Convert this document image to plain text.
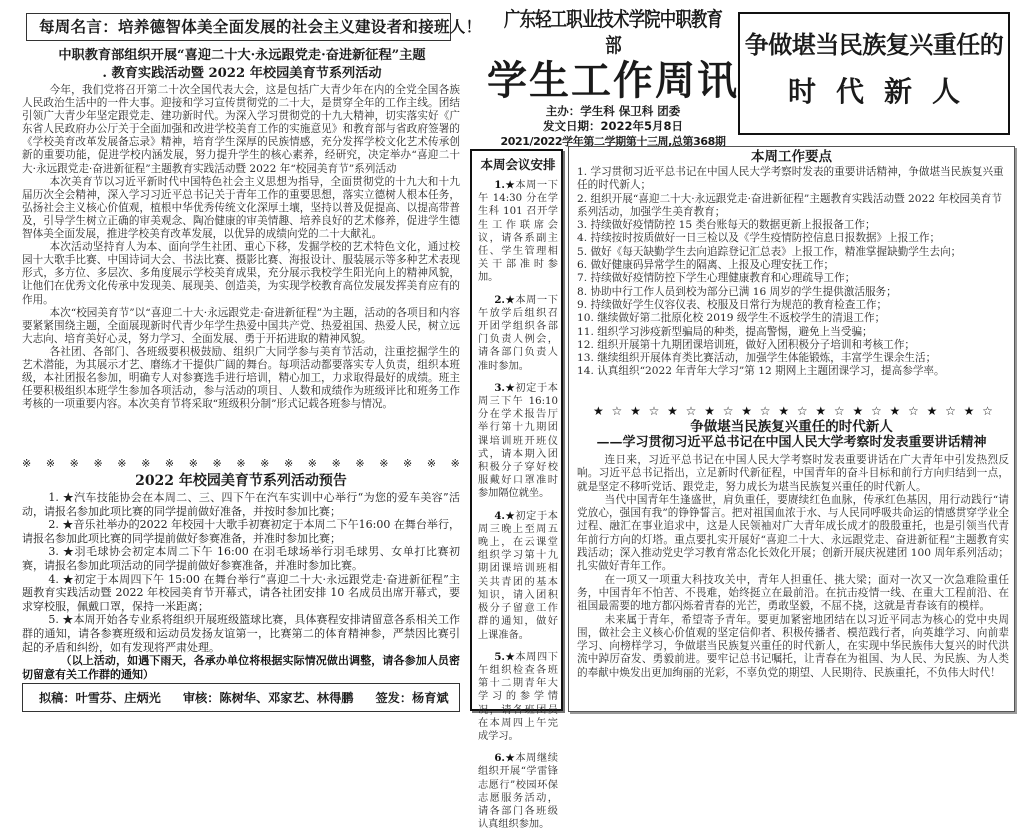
每周名言：培养德智体美全面发展的社会主义建设者和接班人！
中职教育部组织开展“喜迎二十大·永远跟党走·奋进新征程”主题
. 教育实践活动暨 2022 年校园美育节系列活动

今年，我们党将召开第二十次全国代表大会，这是包括广大青少年在内的全党全国各族人民政治生活中的一件大事。迎接和学习宣传贯彻党的二十大，是贯穿全年的工作主线。团结引领广大青少年坚定跟党走、建功新时代。为深入学习贯彻党的十九大精神，切实落实好《广东省人民政府办公厅关于全面加强和改进学校美育工作的实施意见》和教育部与省政府签署的《学校美育改革发展备忘录》精神，培育学生深厚的民族情感，充分发挥学校文化艺术传承创新的重要功能，促进学校内涵发展，努力提升学生的核心素养，经研究，决定举办“喜迎二十大·永远跟党走·奋进新征程”主题教育实践活动暨 2022 年“校园美育节”系列活动

本次美育节以习近平新时代中国特色社会主义思想为指导，全面贯彻党的十九大和十九届历次全会精神，深入学习习近平总书记关于青年工作的重要思想，落实立德树人根本任务，弘扬社会主义核心价值观，植根中华优秀传统文化深厚土壤，坚持以普及促提高、以提高带普及，引导学生树立正确的审美观念、陶冶健康的审美情趣、培养良好的艺术修养，促进学生德智体美全面发展，推进学校美育改革发展，以优异的成绩向党的二十大献礼。

本次活动坚持育人为本、面向学生社团、重心下移，发掘学校的艺术特色文化，通过校园十大歌手比赛、中国诗词大会、书法比赛、摄影比赛、海报设计、服装展示等多种艺术表现形式，多方位、多层次、多角度展示学校美育成果，充分展示我校学生阳光向上的精神风貌，让他们在优秀文化传承中发现美、展现美、创造美，为实现学校教育高位发展发挥美育应有的作用。

本次“校园美育节”以“喜迎二十大·永远跟党走·奋进新征程”为主题，活动的各项目和内容要紧紧围绕主题，全面展现新时代青少年学生热爱中国共产党、热爱祖国、热爱人民，树立远大志向、培育美好心灵，努力学习、全面发展、勇于开拓进取的精神风貌。

各社团、各部门、各班级要积极鼓励、组织广大同学参与美育节活动，注重挖掘学生的艺术潜能，为其展示才艺、磨练才干提供广阔的舞台。每项活动都要落实专人负责，组织本班级，本社团报名参加，明确专人对参赛选手进行培训，精心加工，力求取得最好的成绩。班主任要积极组织本班学生参加各项活动，参与活动的项目、人数和成绩作为班级评比和班务工作考核的一项重要内容。本次美育节将采取“班级积分制”形式记载各班参与情况。

※ ※ ※ ※ ※ ※ ※ ※ ※ ※ ※ ※ ※ ※ ※ ※ ※ ※ ※
2022 年校园美育节系列活动预告

1. ★汽车技能协会在本周二、三、四下午在汽车实训中心举行“为您的爱车美容”活动，请报名参加此项比赛的同学提前做好准备，并按时参加比赛；

2. ★音乐社举办的2022 年校园十大歌手初赛初定于本周二下午16:00 在舞台举行，请报名参加此项比赛的同学提前做好参赛准备，并准时参加比赛；

3. ★羽毛球协会初定本周二下午 16:00 在羽毛球场举行羽毛球男、女单打比赛初赛，请报名参加此项活动的同学提前做好参赛准备，并准时参加比赛。

4. ★初定于本周四下午 15:00 在舞台举行“喜迎二十大·永远跟党走·奋进新征程”主题教育实践活动暨 2022 年校园美育节开幕式，请各社团安排 10 名成员出席开幕式，要求穿校服，佩戴口罩，保持一米距离；

5. ★本周开始各专业系将组织开展班级篮球比赛，具体赛程安排请留意各系相关工作群的通知，请各参赛班级和运动员发扬友谊第一，比赛第二的体育精神参，严禁因比赛引起的矛盾和纠纷，如有发现将严肃处理。

（以上活动，如遇下雨天，各承办单位将根据实际情况做出调整，请各参加人员密切留意有关工作群的通知）

拟稿：叶雪芬、庄炳光 审核：陈树华、邓家艺、林得鹏 签发：杨育斌
广东轻工职业技术学院中职教育部
学生工作周讯
主办：学生科 保卫科 团委
发文日期：2022年5月8日
2021/2022学年第二学期第十三周,总第368期
争做堪当民族复兴重任的
时代新人
本周会议安排

1.★本周一下午 14:30 分在学生科 101 召开学生工作联席会议，请各系副主任、学生管理相关干部准时参加。

2.★本周一下午放学后组织召开团学组织各部门负责人例会，请各部门负责人准时参加。

3.★初定于本周三下午 16:10 分在学术报告厅举行第十九期团课培训班开班仪式，请本期入团积极分子穿好校服戴好口罩准时参加隔位就坐。

4.★初定于本周三晚上至周五晚上，在云课堂组织学习第十九期团课培训班相关共青团的基本知识，请入团积极分子留意工作群的通知，做好上课准备。

5.★本周四下午组织检查各班第十二期青年大学习的参学情况，请各班团员在本周四上午完成学习。

6.★本周继续组织开展“学雷锋志愿行”校园环保志愿服务活动，请各部门各班级认真组织参加。

本周工作要点
1. 学习贯彻习近平总书记在中国人民大学考察时发表的重要讲话精神，争做堪当民族复兴重任的时代新人；
2. 组织开展“喜迎二十大·永远跟党走·奋进新征程”主题教育实践活动暨 2022 年校园美育节系列活动，加强学生美育教育；
3. 持续做好疫情防控 15 类台账每天的数据更新上报报备工作；
4. 持续按时按质做好一日三检以及《学生疫情防控信息日报数据》上报工作；
5. 做好《每天缺勤学生去向追踪登记汇总表》上报工作，精准掌握缺勤学生去向；
6. 做好健康码异常学生的隔离、上报及心理安抚工作；
7. 持续做好疫情防控下学生心理健康教育和心理疏导工作；
8. 协助中行工作人员到校为部分已满 16 周岁的学生提供激活服务；
9. 持续做好学生仪容仪表、校服及日常行为规范的教育检查工作；
10. 继续做好第二批原化校 2019 级学生不返校学生的清退工作；
11. 组织学习涉疫新型骗局的种类，提高警惕，避免上当受骗；
12. 组织开展第十九期团课培训班，做好入团积极分子培训和考核工作；
13. 继续组织开展体育类比赛活动，加强学生体能锻炼，丰富学生课余生活；
14. 认真组织“2022 年青年大学习”第 12 期网上主题团课学习，提高参学率。
★ ☆ ★ ☆ ★ ☆ ★ ☆ ★ ☆ ★ ☆ ★ ☆ ★ ☆ ★ ☆ ★ ☆ ★ ☆
争做堪当民族复兴重任的时代新人
——学习贯彻习近平总书记在中国人民大学考察时发表重要讲话精神

连日来，习近平总书记在中国人民大学考察时发表重要讲话在广大青年中引发热烈反响。习近平总书记指出，立足新时代新征程，中国青年的奋斗目标和前行方向归结到一点，就是坚定不移听党话、跟党走，努力成长为堪当民族复兴重任的时代新人。

当代中国青年生逢盛世，肩负重任，要赓续红色血脉，传承红色基因，用行动践行“请党放心，强国有我”的铮铮誓言。把对祖国血浓于水、与人民同呼吸共命运的情感贯穿学业全过程、融汇在事业追求中，这是人民领袖对广大青年成长成才的殷殷重托，也是引领当代青年前行方向的灯塔。重点要扎实开展好“喜迎二十大、永远跟党走、奋进新征程”主题教育实践活动；深入推动党史学习教育常态化长效化开展；创新开展庆祝建团 100 周年系列活动；扎实做好青年工作。

在一项又一项重大科技攻关中，青年人担重任、挑大梁；面对一次又一次急难险重任务，中国青年不怕苦、不畏难，始终挺立在最前沿。在抗击疫情一线、在重大工程前沿、在祖国最需要的地方都闪烁着青春的光芒，勇敢坚毅，不屈不挠，这就是青春该有的模样。

未来属于青年，希望寄予青年。要更加紧密地团结在以习近平同志为核心的党中央周围，做社会主义核心价值观的坚定信仰者、积极传播者、模范践行者，向英雄学习、向前辈学习、向榜样学习，争做堪当民族复兴重任的时代新人，在实现中华民族伟大复兴的时代洪流中踔厉奋发、勇毅前进。要牢记总书记嘱托，让青春在为祖国、为人民、为民族、为人类的奉献中焕发出更加绚丽的光彩，不辜负党的期望、人民期待、民族重托，不负伟大时代！
